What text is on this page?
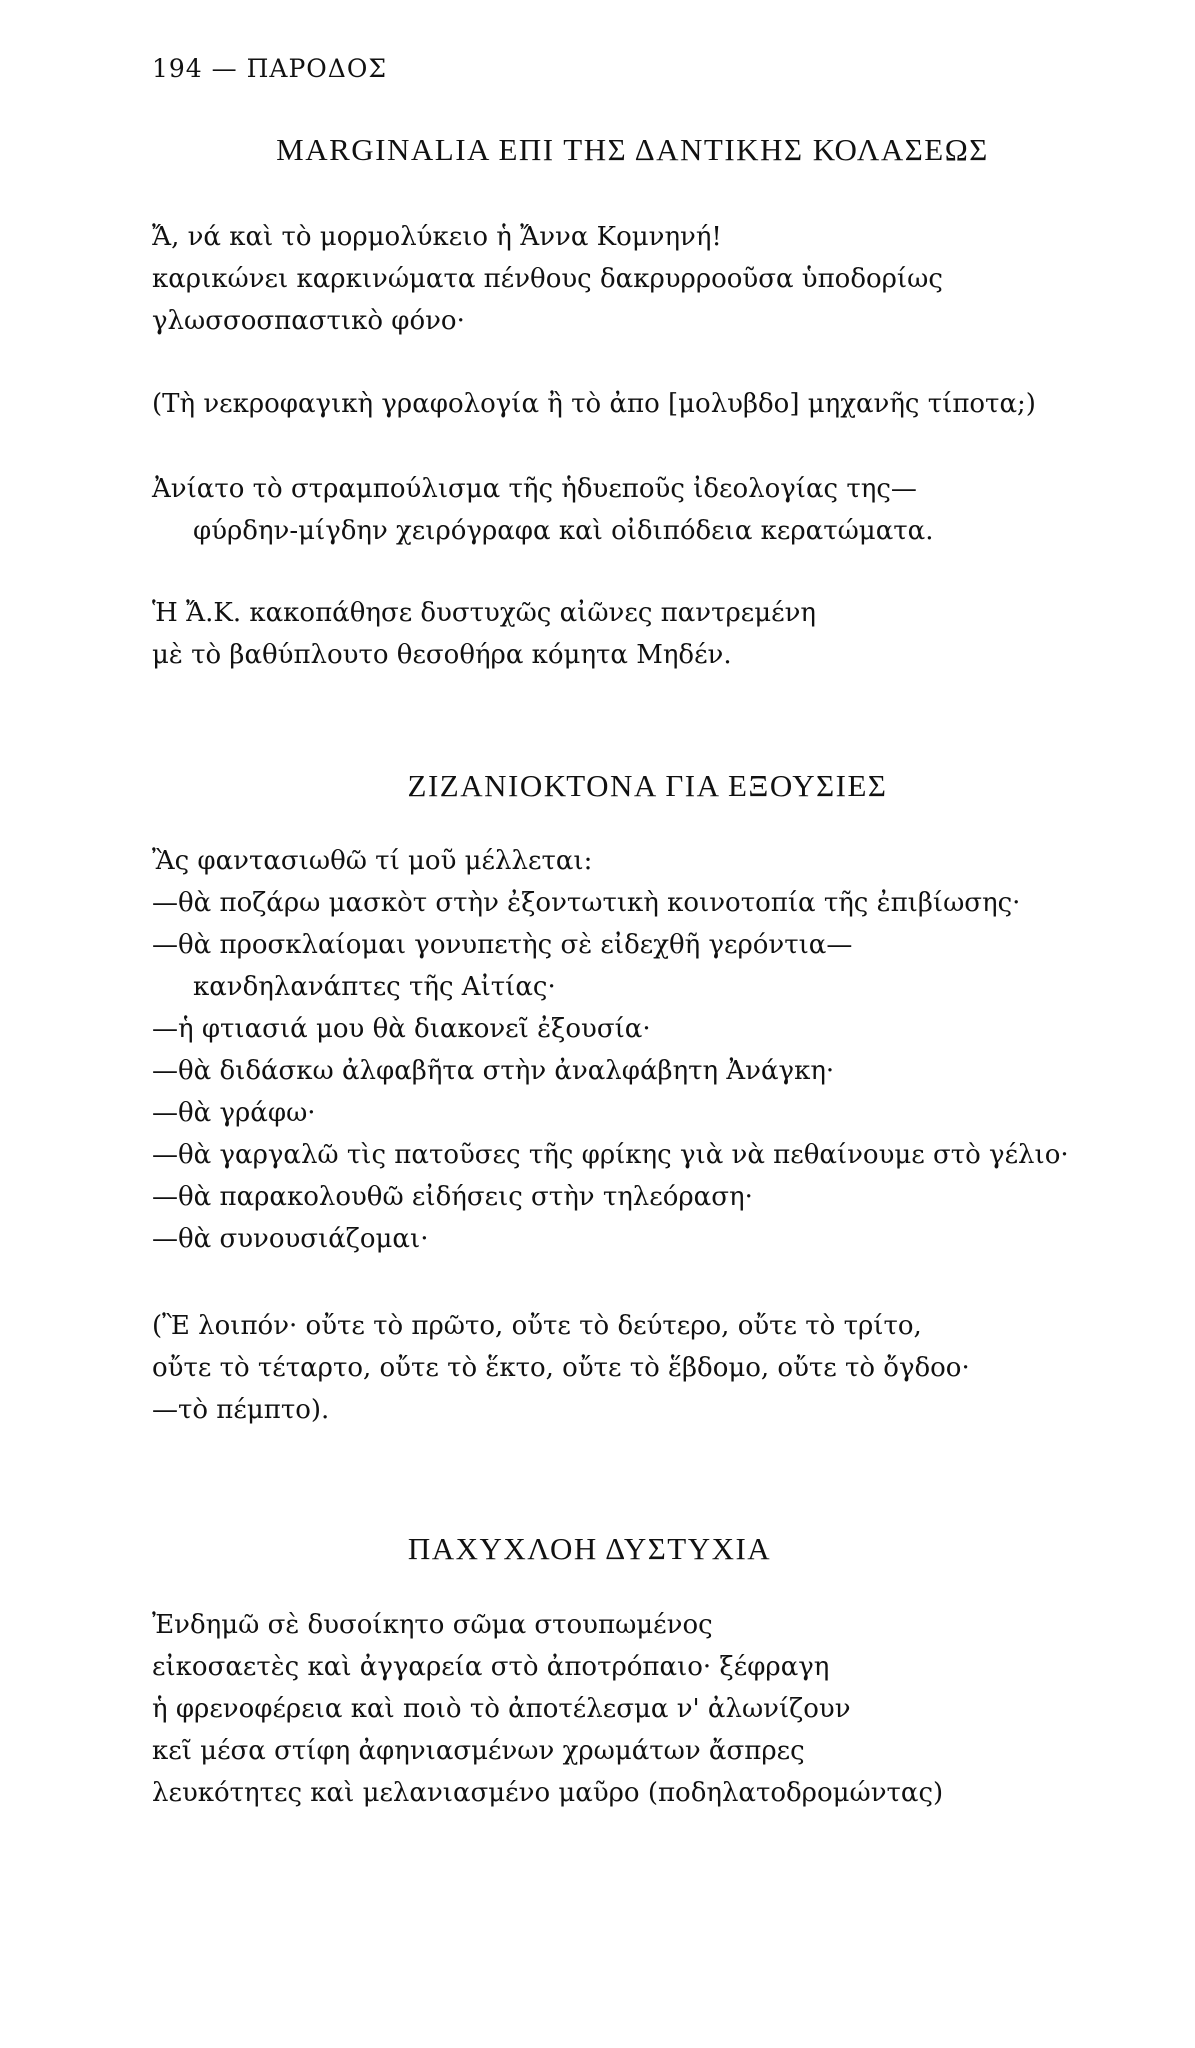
194 — ΠΑΡΟΔΟΣ
MARGINALIA ΕΠΙ ΤΗΣ ΔΑΝΤΙΚΗΣ ΚΟΛΑΣΕΩΣ
Ἄ, νά καὶ τὸ μορμολύκειο ἡ Ἄννα Κομνηνή!
καρικώνει καρκινώματα πένθους δακρυρροοῦσα ὑποδορίως
γλωσσοσπαστικὸ φόνο·
(Τὴ νεκροφαγικὴ γραφολογία ἢ τὸ ἀπο [μολυβδο] μηχανῆς τίποτα;)
Ἀνίατο τὸ στραμπούλισμα τῆς ἡδυεποῦς ἰδεολογίας της—
φύρδην-μίγδην χειρόγραφα καὶ οἰδιπόδεια κερατώματα.
Ἡ Ἄ.Κ. κακοπάθησε δυστυχῶς αἰῶνες παντρεμένη
μὲ τὸ βαθύπλουτο θεσοθήρα κόμητα Μηδέν.
ΖΙΖΑΝΙΟΚΤΟΝΑ ΓΙΑ ΕΞΟΥΣΙΕΣ
Ἂς φαντασιωθῶ τί μοῦ μέλλεται:
—θὰ ποζάρω μασκὸτ στὴν ἐξοντωτικὴ κοινοτοπία τῆς ἐπιβίωσης·
—θὰ προσκλαίομαι γονυπετὴς σὲ εἰδεχθῆ γερόντια—
κανδηλανάπτες τῆς Αἰτίας·
—ἡ φτιασιά μου θὰ διακονεῖ ἐξουσία·
—θὰ διδάσκω ἀλφαβῆτα στὴν ἀναλφάβητη Ἀνάγκη·
—θὰ γράφω·
—θὰ γαργαλῶ τὶς πατοῦσες τῆς φρίκης γιὰ νὰ πεθαίνουμε στὸ γέλιο·
—θὰ παρακολουθῶ εἰδήσεις στὴν τηλεόραση·
—θὰ συνουσιάζομαι·
(Ἒ λοιπόν· οὔτε τὸ πρῶτο, οὔτε τὸ δεύτερο, οὔτε τὸ τρίτο,
οὔτε τὸ τέταρτο, οὔτε τὸ ἕκτο, οὔτε τὸ ἕβδομο, οὔτε τὸ ὄγδοο·
—τὸ πέμπτο).
ΠΑΧΥΧΛΟΗ ΔΥΣΤΥΧΙΑ
Ἐνδημῶ σὲ δυσοίκητο σῶμα στουπωμένος
εἰκοσαετὲς καὶ ἀγγαρεία στὸ ἀποτρόπαιο· ξέφραγη
ἡ φρενοφέρεια καὶ ποιὸ τὸ ἀποτέλεσμα ν' ἀλωνίζουν
κεῖ μέσα στίφη ἀφηνιασμένων χρωμάτων ἄσπρες
λευκότητες καὶ μελανιασμένο μαῦρο (ποδηλατοδρομώντας)
